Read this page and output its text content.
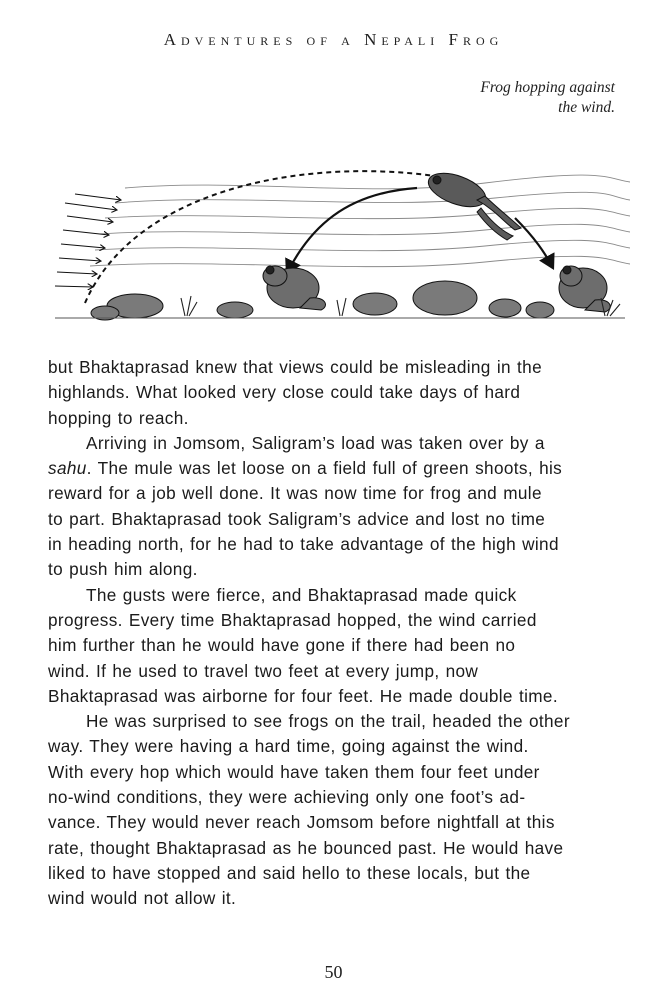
Adventures of a Nepali Frog
Frog hopping against
the wind.
but Bhaktaprasad knew that views could be misleading in the
highlands. What looked very close could take days of hard
hopping to reach.
Arriving in Jomsom, Saligram’s load was taken over by a
sahu. The mule was let loose on a field full of green shoots, his
reward for a job well done. It was now time for frog and mule
to part. Bhaktaprasad took Saligram’s advice and lost no time
in heading north, for he had to take advantage of the high wind
to push him along.
The gusts were fierce, and Bhaktaprasad made quick
progress. Every time Bhaktaprasad hopped, the wind carried
him further than he would have gone if there had been no
wind. If he used to travel two feet at every jump, now
Bhaktaprasad was airborne for four feet. He made double time.
He was surprised to see frogs on the trail, headed the other
way. They were having a hard time, going against the wind.
With every hop which would have taken them four feet under
no-wind conditions, they were achieving only one foot’s ad-
vance. They would never reach Jomsom before nightfall at this
rate, thought Bhaktaprasad as he bounced past. He would have
liked to have stopped and said hello to these locals, but the
wind would not allow it.
50
